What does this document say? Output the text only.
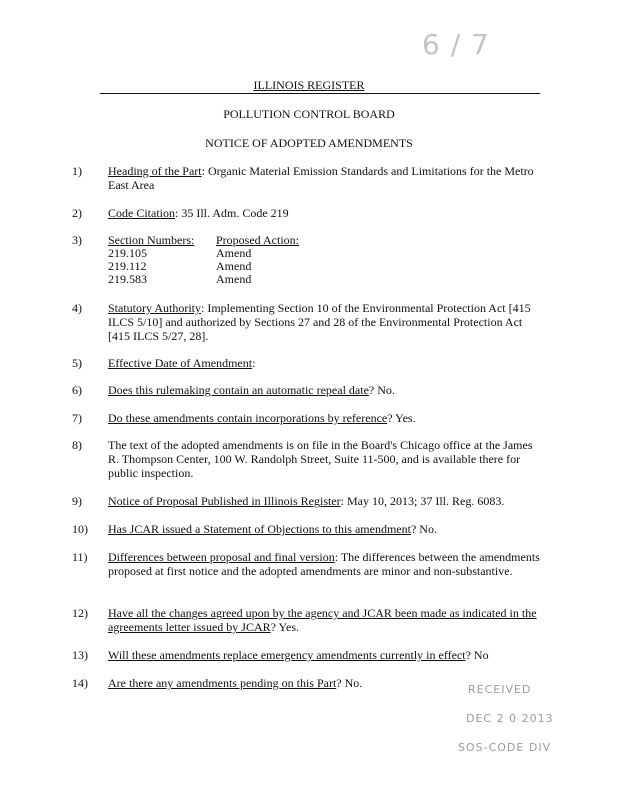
6 / 7
ILLINOIS REGISTER
POLLUTION CONTROL BOARD
NOTICE OF ADOPTED AMENDMENTS
1)	Heading of the Part: Organic Material Emission Standards and Limitations for the Metro East Area
2)	Code Citation: 35 Ill. Adm. Code 219
3)	Section Numbers: Proposed Action:
219.105	Amend
219.112	Amend
219.583	Amend
4)	Statutory Authority: Implementing Section 10 of the Environmental Protection Act [415 ILCS 5/10] and authorized by Sections 27 and 28 of the Environmental Protection Act [415 ILCS 5/27, 28].
5)	Effective Date of Amendment:
6)	Does this rulemaking contain an automatic repeal date? No.
7)	Do these amendments contain incorporations by reference? Yes.
8)	The text of the adopted amendments is on file in the Board's Chicago office at the James R. Thompson Center, 100 W. Randolph Street, Suite 11-500, and is available there for public inspection.
9)	Notice of Proposal Published in Illinois Register: May 10, 2013; 37 Ill. Reg. 6083.
10)	Has JCAR issued a Statement of Objections to this amendment? No.
11)	Differences between proposal and final version: The differences between the amendments proposed at first notice and the adopted amendments are minor and non-substantive.
12)	Have all the changes agreed upon by the agency and JCAR been made as indicated in the agreements letter issued by JCAR? Yes.
13)	Will these amendments replace emergency amendments currently in effect? No
14)	Are there any amendments pending on this Part? No.	RECEIVED
DEC 2 0 2013
SOS-CODE DIV
